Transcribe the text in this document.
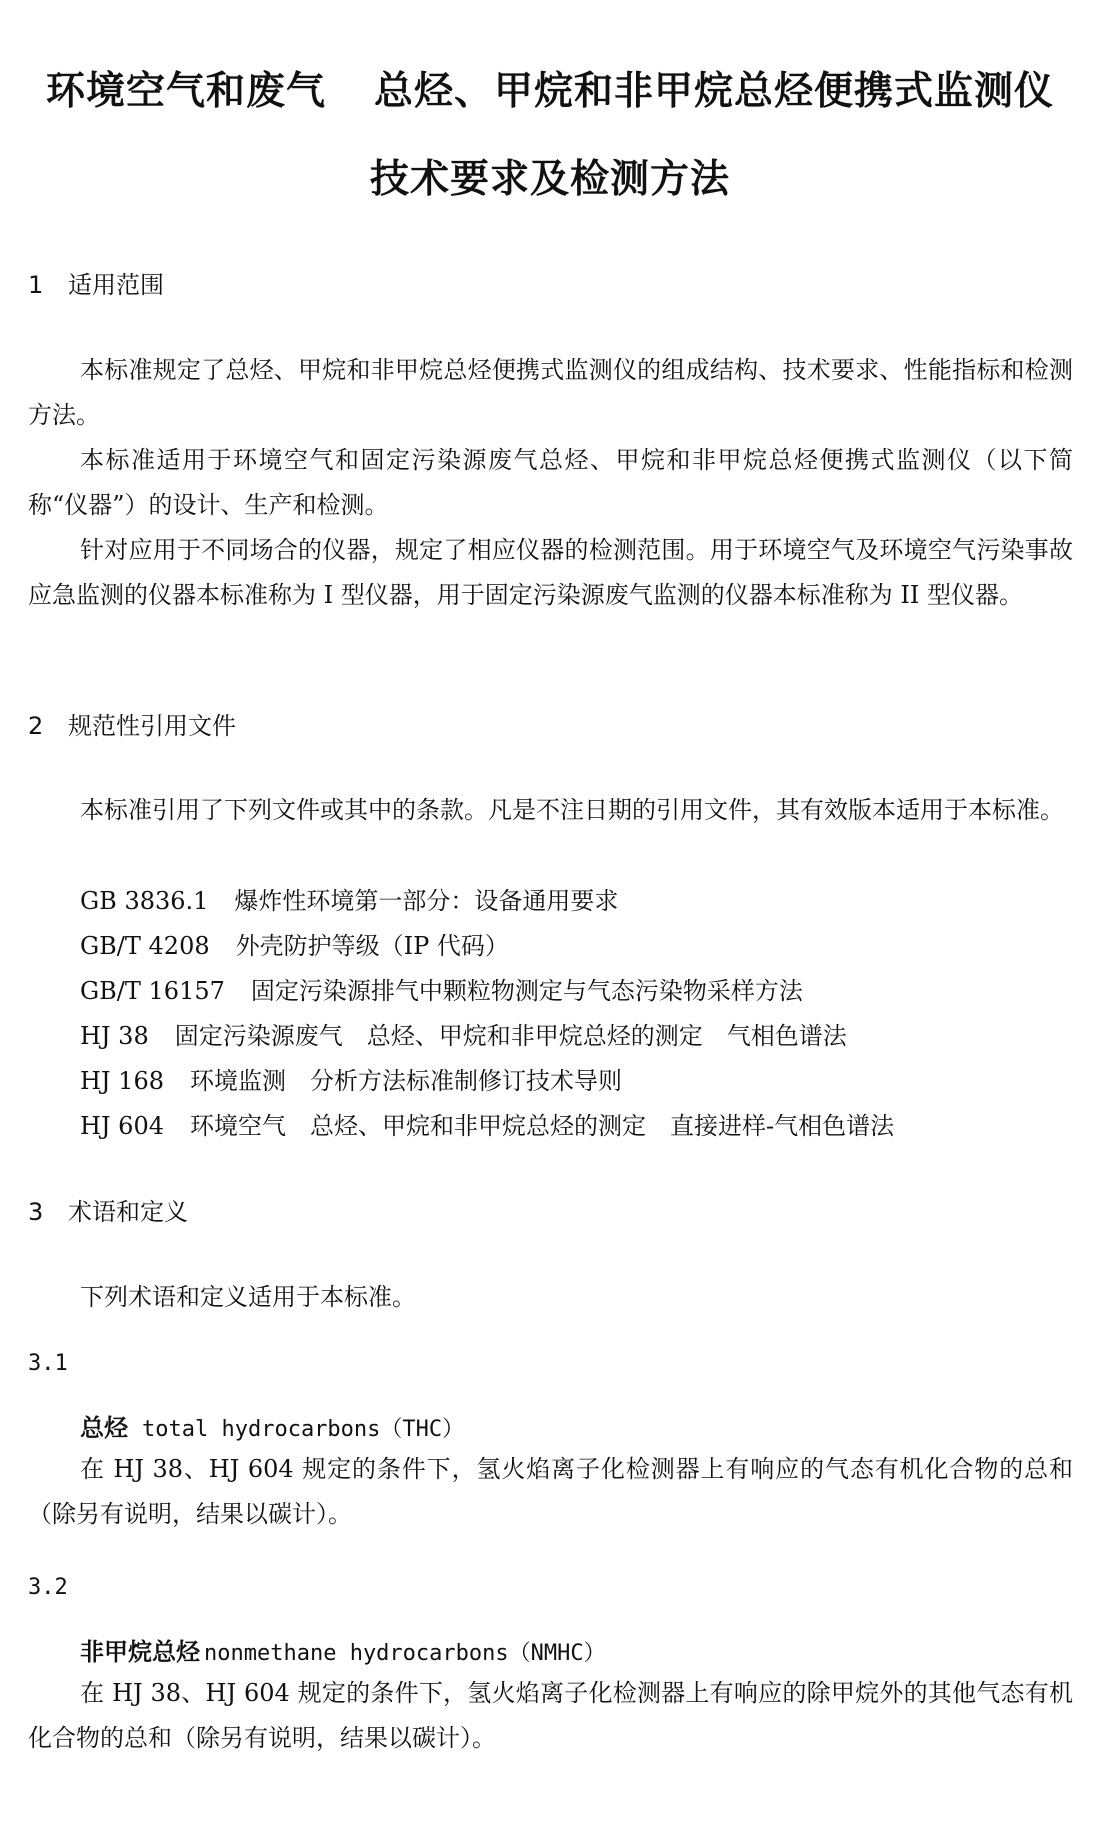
环境空气和废气 总烃、甲烷和非甲烷总烃便携式监测仪
技术要求及检测方法
1 适用范围
本标准规定了总烃、甲烷和非甲烷总烃便携式监测仪的组成结构、技术要求、性能指标和检测方法。
本标准适用于环境空气和固定污染源废气总烃、甲烷和非甲烷总烃便携式监测仪（以下简称“仪器”）的设计、生产和检测。
针对应用于不同场合的仪器，规定了相应仪器的检测范围。用于环境空气及环境空气污染事故应急监测的仪器本标准称为 I 型仪器，用于固定污染源废气监测的仪器本标准称为 II 型仪器。
2 规范性引用文件
本标准引用了下列文件或其中的条款。凡是不注日期的引用文件，其有效版本适用于本标准。
GB 3836.1 爆炸性环境第一部分：设备通用要求
GB/T 4208 外壳防护等级（IP 代码）
GB/T 16157 固定污染源排气中颗粒物测定与气态污染物采样方法
HJ 38 固定污染源废气　总烃、甲烷和非甲烷总烃的测定　气相色谱法
HJ 168 环境监测　分析方法标准制修订技术导则
HJ 604 环境空气　总烃、甲烷和非甲烷总烃的测定　直接进样-气相色谱法
3 术语和定义
下列术语和定义适用于本标准。
3.1
总烃 total hydrocarbons（THC）
在 HJ 38、HJ 604 规定的条件下，氢火焰离子化检测器上有响应的气态有机化合物的总和（除另有说明，结果以碳计）。
3.2
非甲烷总烃 nonmethane hydrocarbons（NMHC）
在 HJ 38、HJ 604 规定的条件下，氢火焰离子化检测器上有响应的除甲烷外的其他气态有机化合物的总和（除另有说明，结果以碳计）。
